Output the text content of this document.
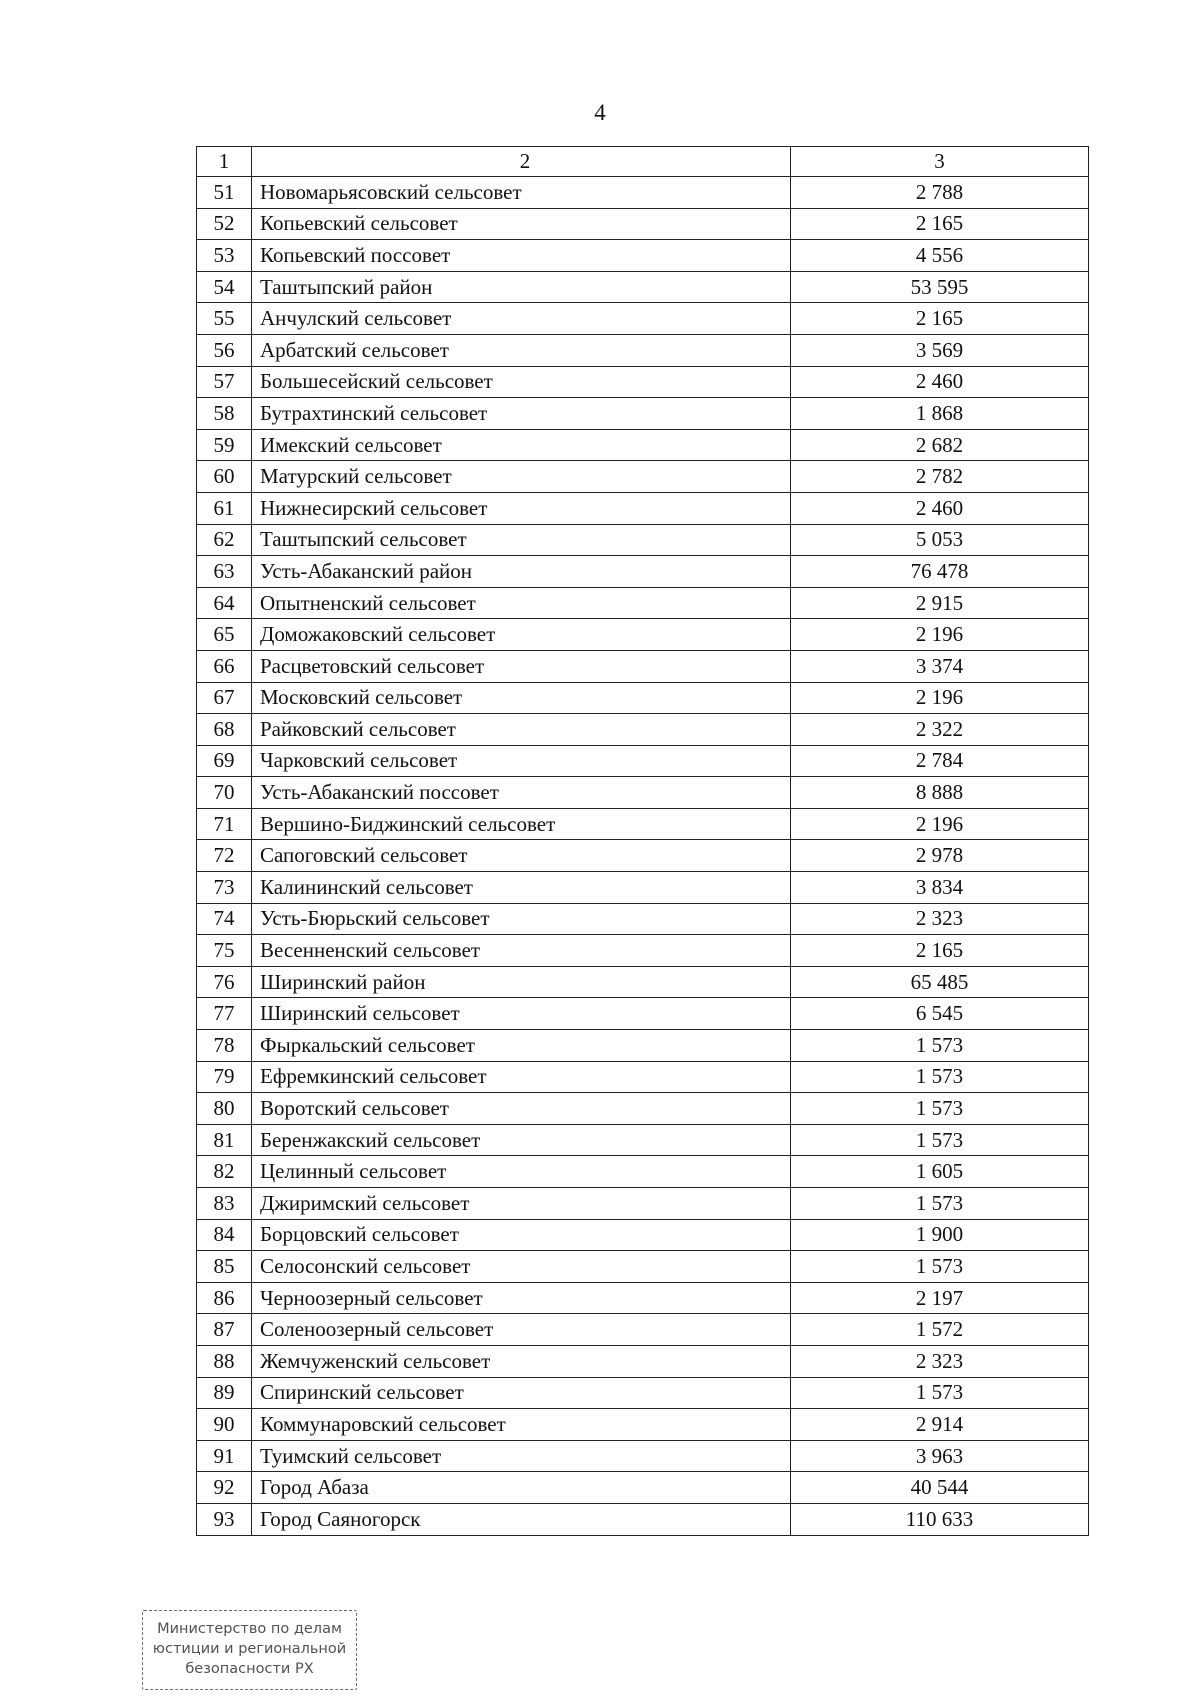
4
1	2	3
51	Новомарьясовский сельсовет	2 788
52	Копьевский сельсовет	2 165
53	Копьевский поссовет	4 556
54	Таштыпский район	53 595
55	Анчулский сельсовет	2 165
56	Арбатский сельсовет	3 569
57	Большесейский сельсовет	2 460
58	Бутрахтинский сельсовет	1 868
59	Имекский сельсовет	2 682
60	Матурский сельсовет	2 782
61	Нижнесирский сельсовет	2 460
62	Таштыпский сельсовет	5 053
63	Усть-Абаканский район	76 478
64	Опытненский сельсовет	2 915
65	Доможаковский сельсовет	2 196
66	Расцветовский сельсовет	3 374
67	Московский сельсовет	2 196
68	Райковский сельсовет	2 322
69	Чарковский сельсовет	2 784
70	Усть-Абаканский поссовет	8 888
71	Вершино-Биджинский сельсовет	2 196
72	Сапоговский сельсовет	2 978
73	Калининский сельсовет	3 834
74	Усть-Бюрьский сельсовет	2 323
75	Весенненский сельсовет	2 165
76	Ширинский район	65 485
77	Ширинский сельсовет	6 545
78	Фыркальский сельсовет	1 573
79	Ефремкинский сельсовет	1 573
80	Воротский сельсовет	1 573
81	Беренжакский сельсовет	1 573
82	Целинный сельсовет	1 605
83	Джиримский сельсовет	1 573
84	Борцовский сельсовет	1 900
85	Селосонский сельсовет	1 573
86	Черноозерный сельсовет	2 197
87	Соленоозерный сельсовет	1 572
88	Жемчуженский сельсовет	2 323
89	Спиринский сельсовет	1 573
90	Коммунаровский сельсовет	2 914
91	Туимский сельсовет	3 963
92	Город Абаза	40 544
93	Город Саяногорск	110 633
Министерство по делам
юстиции и региональной
безопасности РХ
